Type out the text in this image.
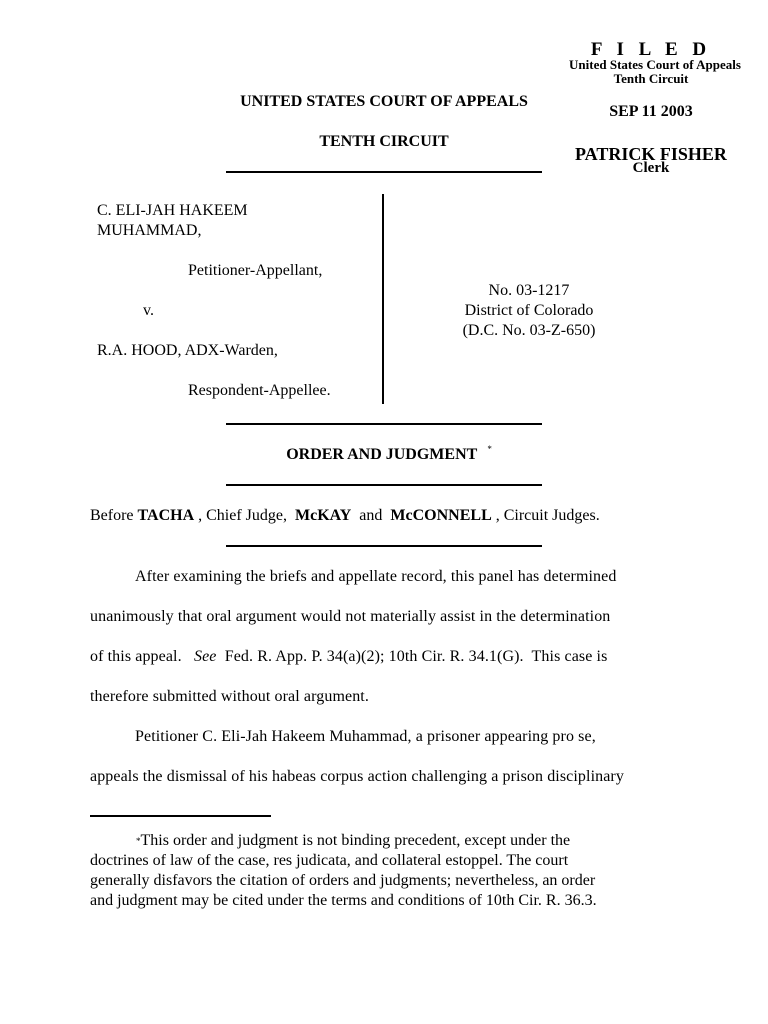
F I L E D
United States Court of Appeals
Tenth Circuit
SEP 11 2003
PATRICK FISHER
Clerk
UNITED STATES COURT OF APPEALS
TENTH CIRCUIT
C. ELI-JAH HAKEEM
MUHAMMAD,
Petitioner-Appellant,
v.
R.A. HOOD, ADX-Warden,
Respondent-Appellee.
No. 03-1217
District of Colorado
(D.C. No. 03-Z-650)
ORDER AND JUDGMENT *
Before TACHA , Chief Judge,  McKAY  and  McCONNELL , Circuit Judges.
After examining the briefs and appellate record, this panel has determined
unanimously that oral argument would not materially assist in the determination
of this appeal.   See  Fed. R. App. P. 34(a)(2); 10th Cir. R. 34.1(G).  This case is
therefore submitted without oral argument.
Petitioner C. Eli-Jah Hakeem Muhammad, a prisoner appearing pro se,
appeals the dismissal of his habeas corpus action challenging a prison disciplinary
*This order and judgment is not binding precedent, except under the
doctrines of law of the case, res judicata, and collateral estoppel. The court
generally disfavors the citation of orders and judgments; nevertheless, an order
and judgment may be cited under the terms and conditions of 10th Cir. R. 36.3.
